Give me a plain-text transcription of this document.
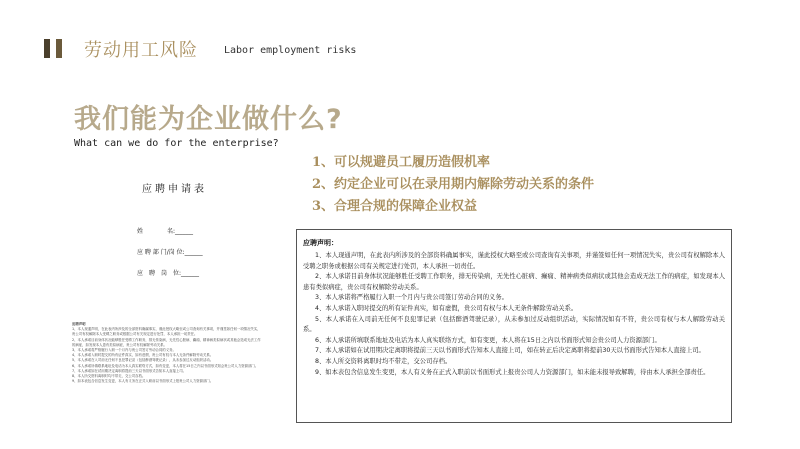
劳动用工风险	Labor employment risks
我们能为企业做什么?
What can we do for the enterprise?
1、可以规避员工履历造假机率
2、约定企业可以在录用期内解除劳动关系的条件
3、合理合规的保障企业权益
应聘申请表
姓　　　　名:______
应 聘 部 门/岗 位:______
应　聘　岗　位:______
应聘声明
1、本人现通声明，在此表内所涉及的全部资料确属事实，谨此授权大略至或公司查询有关事项，并谨签如任何一项情况失实，
贵公司有权解除本人受聘之职务或根据公司有关规定进行处罚，本人承担一切责任。
2、本人承诺目前身体状况能够胜任受聘工作职务，排无传染病，无先性心脏病、癫痫、精神病类似病状或其他会造成无法工作
的病症，如发现本人患有类似病症，贵公司有权解除劳动关系。
3、本人承诺将严格履行入职一个月内与贵公司签订劳动合同的义务。
4、本人承诺入职时提交的所有证件真实，如有虚假，贵公司有权与本人无条件解除劳动关系。
5、本人承诺在入司前无任何不良犯罪记录（包括醉酒驾驶记录），从未参加过反动组织活动。
6、本人承诺所填联系地址及电话为本人真实联络方式，如有变更，本人将在15日之内以书面形式知会贵公司人力资源部门。
7、本人承诺如在试用期决定离职将提前三天以书面形式告知本人直接上司。
8、本人所交资料离职时均不带走，交公司存档。
9、如本表包含信息发生变更，本人有义务在正式入职前以书面形式上报贵公司人力资源部门。
应聘声明：

1、本人现通声明，在此表内所涉及的全部资料确属事实，谨此授权大略至或公司查询有关事项，并谨签如任何一项情况失实，贵公司有权解除本人受聘之职务或根据公司有关规定进行处罚，本人承担一切责任。

2、本人承诺目前身体状况能够胜任受聘工作职务，排无传染病，无先性心脏病、癫痫、精神病类似病状或其他会造成无法工作的病症，如发现本人患有类似病症，贵公司有权解除劳动关系。

3、本人承诺将严格履行入职一个月内与贵公司签订劳动合同的义务。

4、本人承诺入职时提交的所有证件真实，如有虚假，贵公司有权与本人无条件解除劳动关系。

5、本人承诺在入司前无任何不良犯罪记录（包括醉酒驾驶记录），从未参加过反动组织活动，实际情况如有不符，贵公司有权与本人解除劳动关系。

6、本人承诺所填联系地址及电话为本人真实联络方式，如有变更，本人将在15日之内以书面形式知会贵公司人力资源部门。

7、本人承诺如在试用期决定离职将提前三天以书面形式告知本人直接上司，如在转正后决定离职将提前30天以书面形式告知本人直接上司。

8、本人所交资料离职时均不带走，交公司存档。

9、如本表包含信息发生变更，本人有义务在正式入职前以书面形式上报贵公司人力资源部门，如未能未报导致解聘，待由本人承担全部责任。
